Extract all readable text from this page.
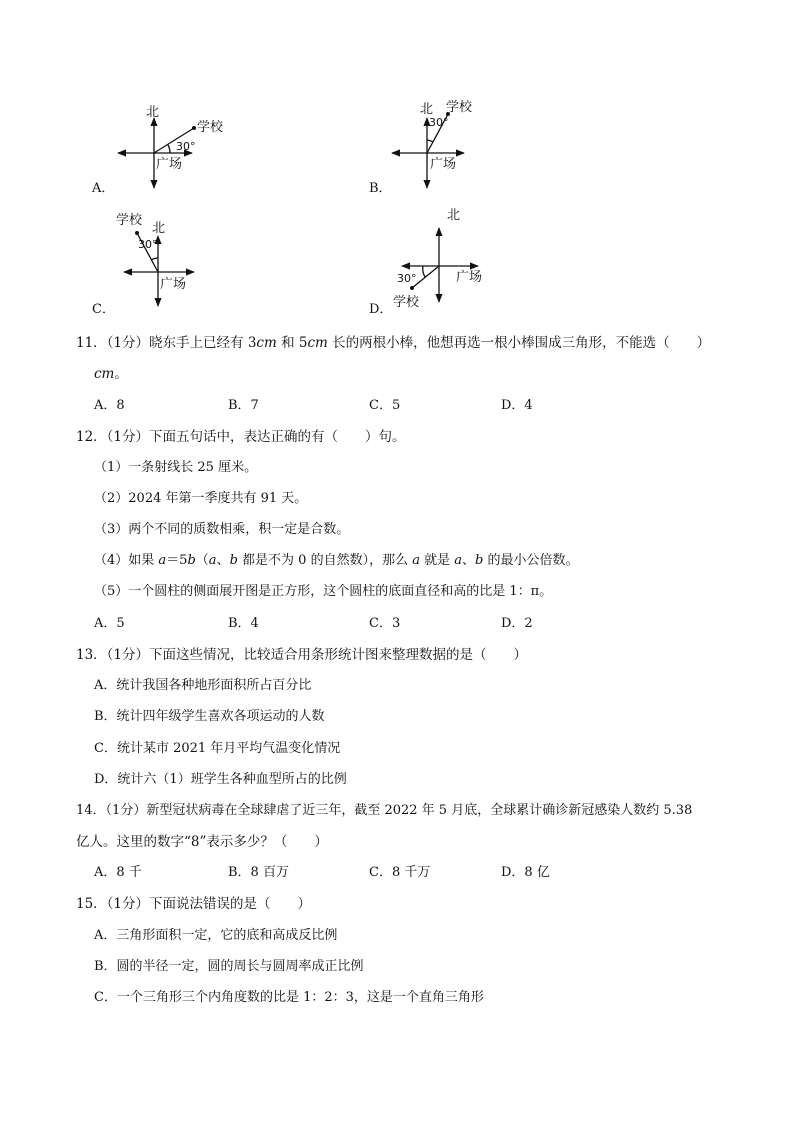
北
学校
30°
广场
北 学校
30°
广场
学校
北
30°
广场
北
30°	广场
学校
A．	B．
C．	D．
11．（1分）晓东手上已经有 3cm 和 5cm 长的两根小棒，他想再选一根小棒围成三角形，不能选（　　）
cm。
A．8	B．7	C．5	D．4
12．（1分）下面五句话中，表达正确的有（　　）句。
（1）一条射线长 25 厘米。
（2）2024 年第一季度共有 91 天。
（3）两个不同的质数相乘，积一定是合数。
（4）如果 a＝5b（a、b 都是不为 0 的自然数），那么 a 就是 a、b 的最小公倍数。
（5）一个圆柱的侧面展开图是正方形，这个圆柱的底面直径和高的比是 1：π。
A．5	B．4	C．3	D．2
13．（1分）下面这些情况，比较适合用条形统计图来整理数据的是（　　）
A．统计我国各种地形面积所占百分比
B．统计四年级学生喜欢各项运动的人数
C．统计某市 2021 年月平均气温变化情况
D．统计六（1）班学生各种血型所占的比例
14．（1分）新型冠状病毒在全球肆虐了近三年，截至 2022 年 5 月底，全球累计确诊新冠感染人数约 5.38
亿人。这里的数字“8”表示多少？（　　）
A．8 千	B．8 百万	C．8 千万	D．8 亿
15．（1分）下面说法错误的是（　　）
A．三角形面积一定，它的底和高成反比例
B．圆的半径一定，圆的周长与圆周率成正比例
C．一个三角形三个内角度数的比是 1：2：3，这是一个直角三角形
